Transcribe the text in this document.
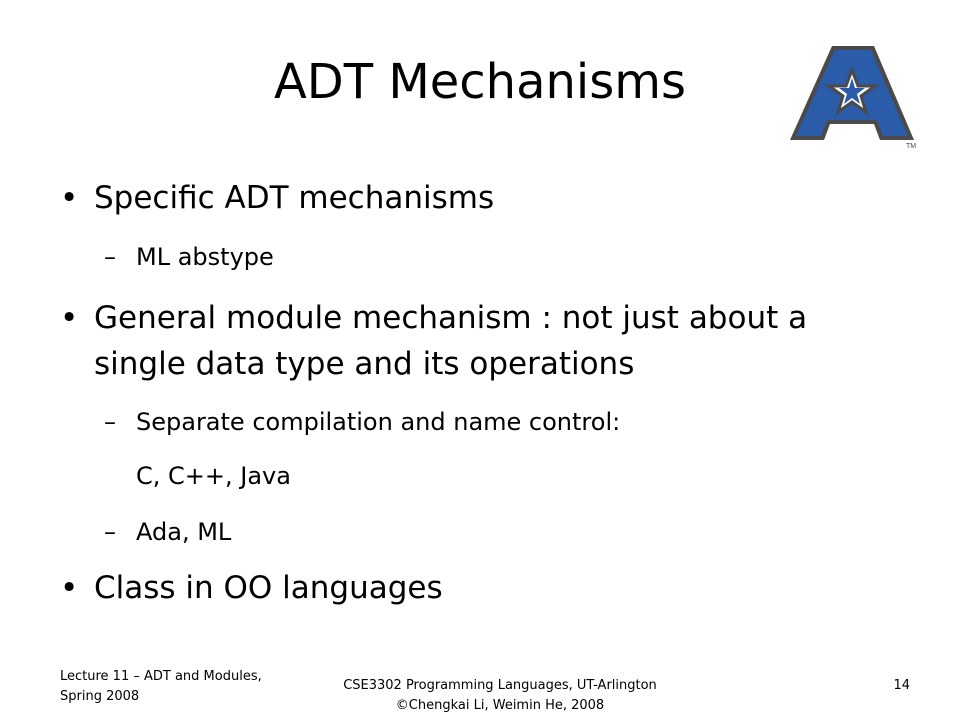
ADT Mechanisms
TM
• Specific ADT mechanisms
– ML abstype
• General module mechanism : not just about a
single data type and its operations
– Separate compilation and name control:
C, C++, Java
– Ada, ML
• Class in OO languages
Lecture 11 – ADT and Modules,
Spring 2008
CSE3302 Programming Languages, UT-Arlington
©Chengkai Li, Weimin He, 2008
14
